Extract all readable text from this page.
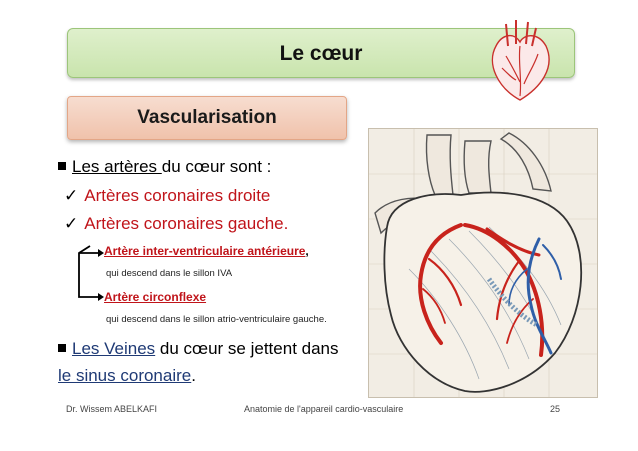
Le cœur
Vascularisation
Les artères du cœur sont :
✓ Artères coronaires droite
✓ Artères coronaires gauche.
Artère inter-ventriculaire antérieure,
qui descend dans le sillon IVA
Artère circonflexe
qui descend dans le sillon atrio-ventriculaire gauche.
Les Veines du cœur se jettent dans
le sinus coronaire.
Dr. Wissem ABELKAFI	Anatomie de l'appareil cardio-vasculaire	25
